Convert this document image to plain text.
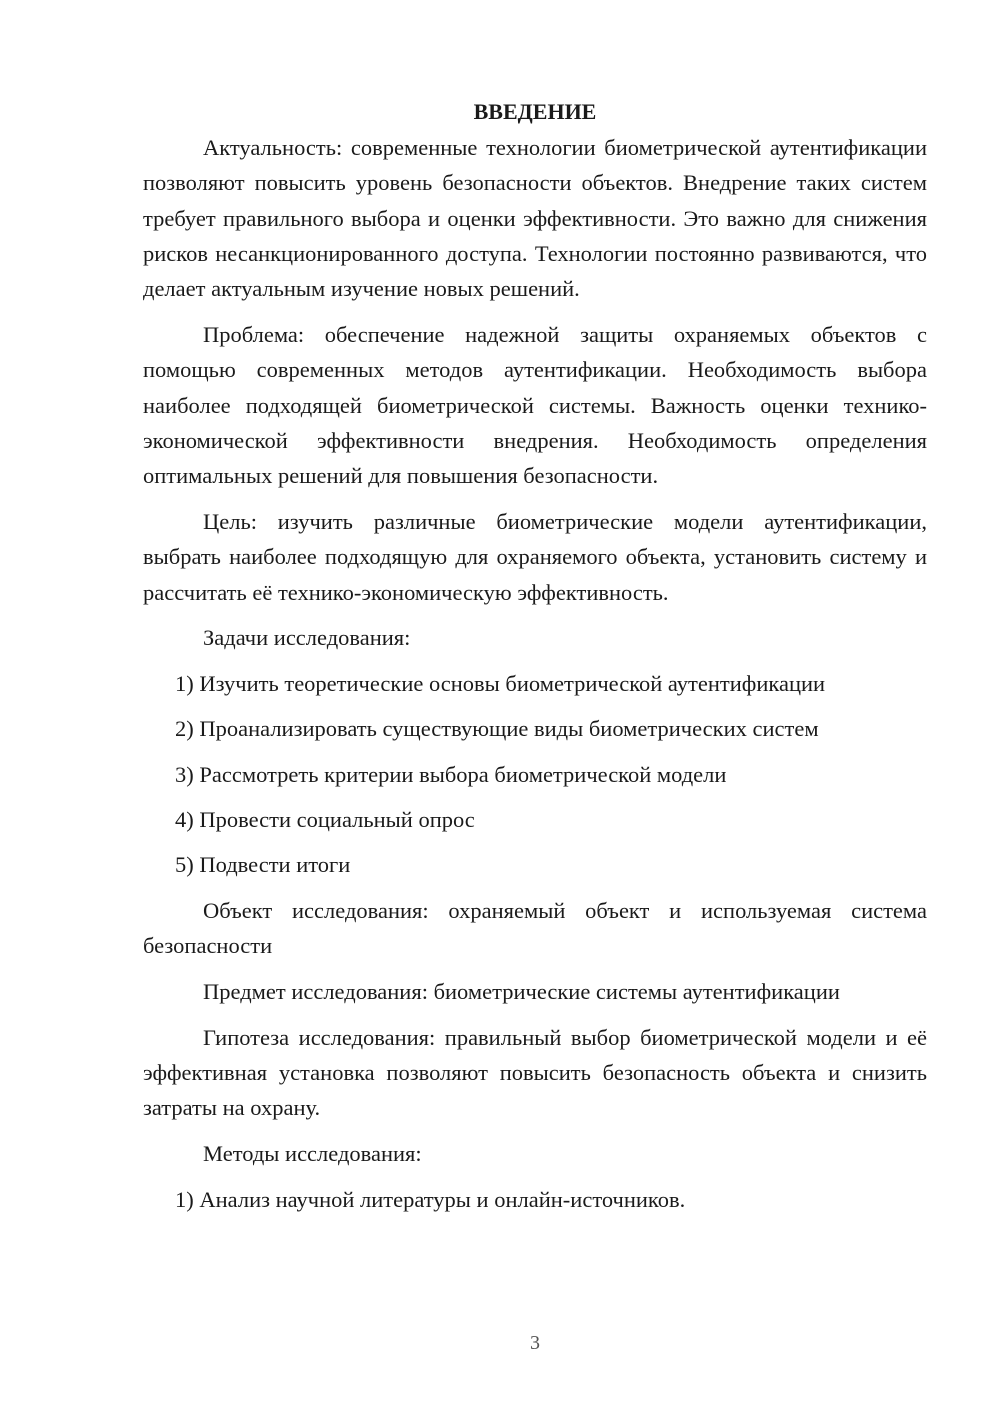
ВВЕДЕНИЕ

Актуальность: современные технологии биометрической аутентификации позволяют повысить уровень безопасности объектов. Внедрение таких систем требует правильного выбора и оценки эффективности. Это важно для снижения рисков несанкционированного доступа. Технологии постоянно развиваются, что делает актуальным изучение новых решений.

Проблема: обеспечение надежной защиты охраняемых объектов с помощью современных методов аутентификации. Необходимость выбора наиболее подходящей биометрической системы. Важность оценки технико-экономической эффективности внедрения. Необходимость определения оптимальных решений для повышения безопасности.

Цель: изучить различные биометрические модели аутентификации, выбрать наиболее подходящую для охраняемого объекта, установить систему и рассчитать её технико-экономическую эффективность.

Задачи исследования:

1) Изучить теоретические основы биометрической аутентификации
2) Проанализировать существующие виды биометрических систем
3) Рассмотреть критерии выбора биометрической модели
4) Провести социальный опрос
5) Подвести итоги

Объект исследования: охраняемый объект и используемая система безопасности

Предмет исследования: биометрические системы аутентификации

Гипотеза исследования: правильный выбор биометрической модели и её эффективная установка позволяют повысить безопасность объекта и снизить затраты на охрану.

Методы исследования:

1) Анализ научной литературы и онлайн-источников.
3
